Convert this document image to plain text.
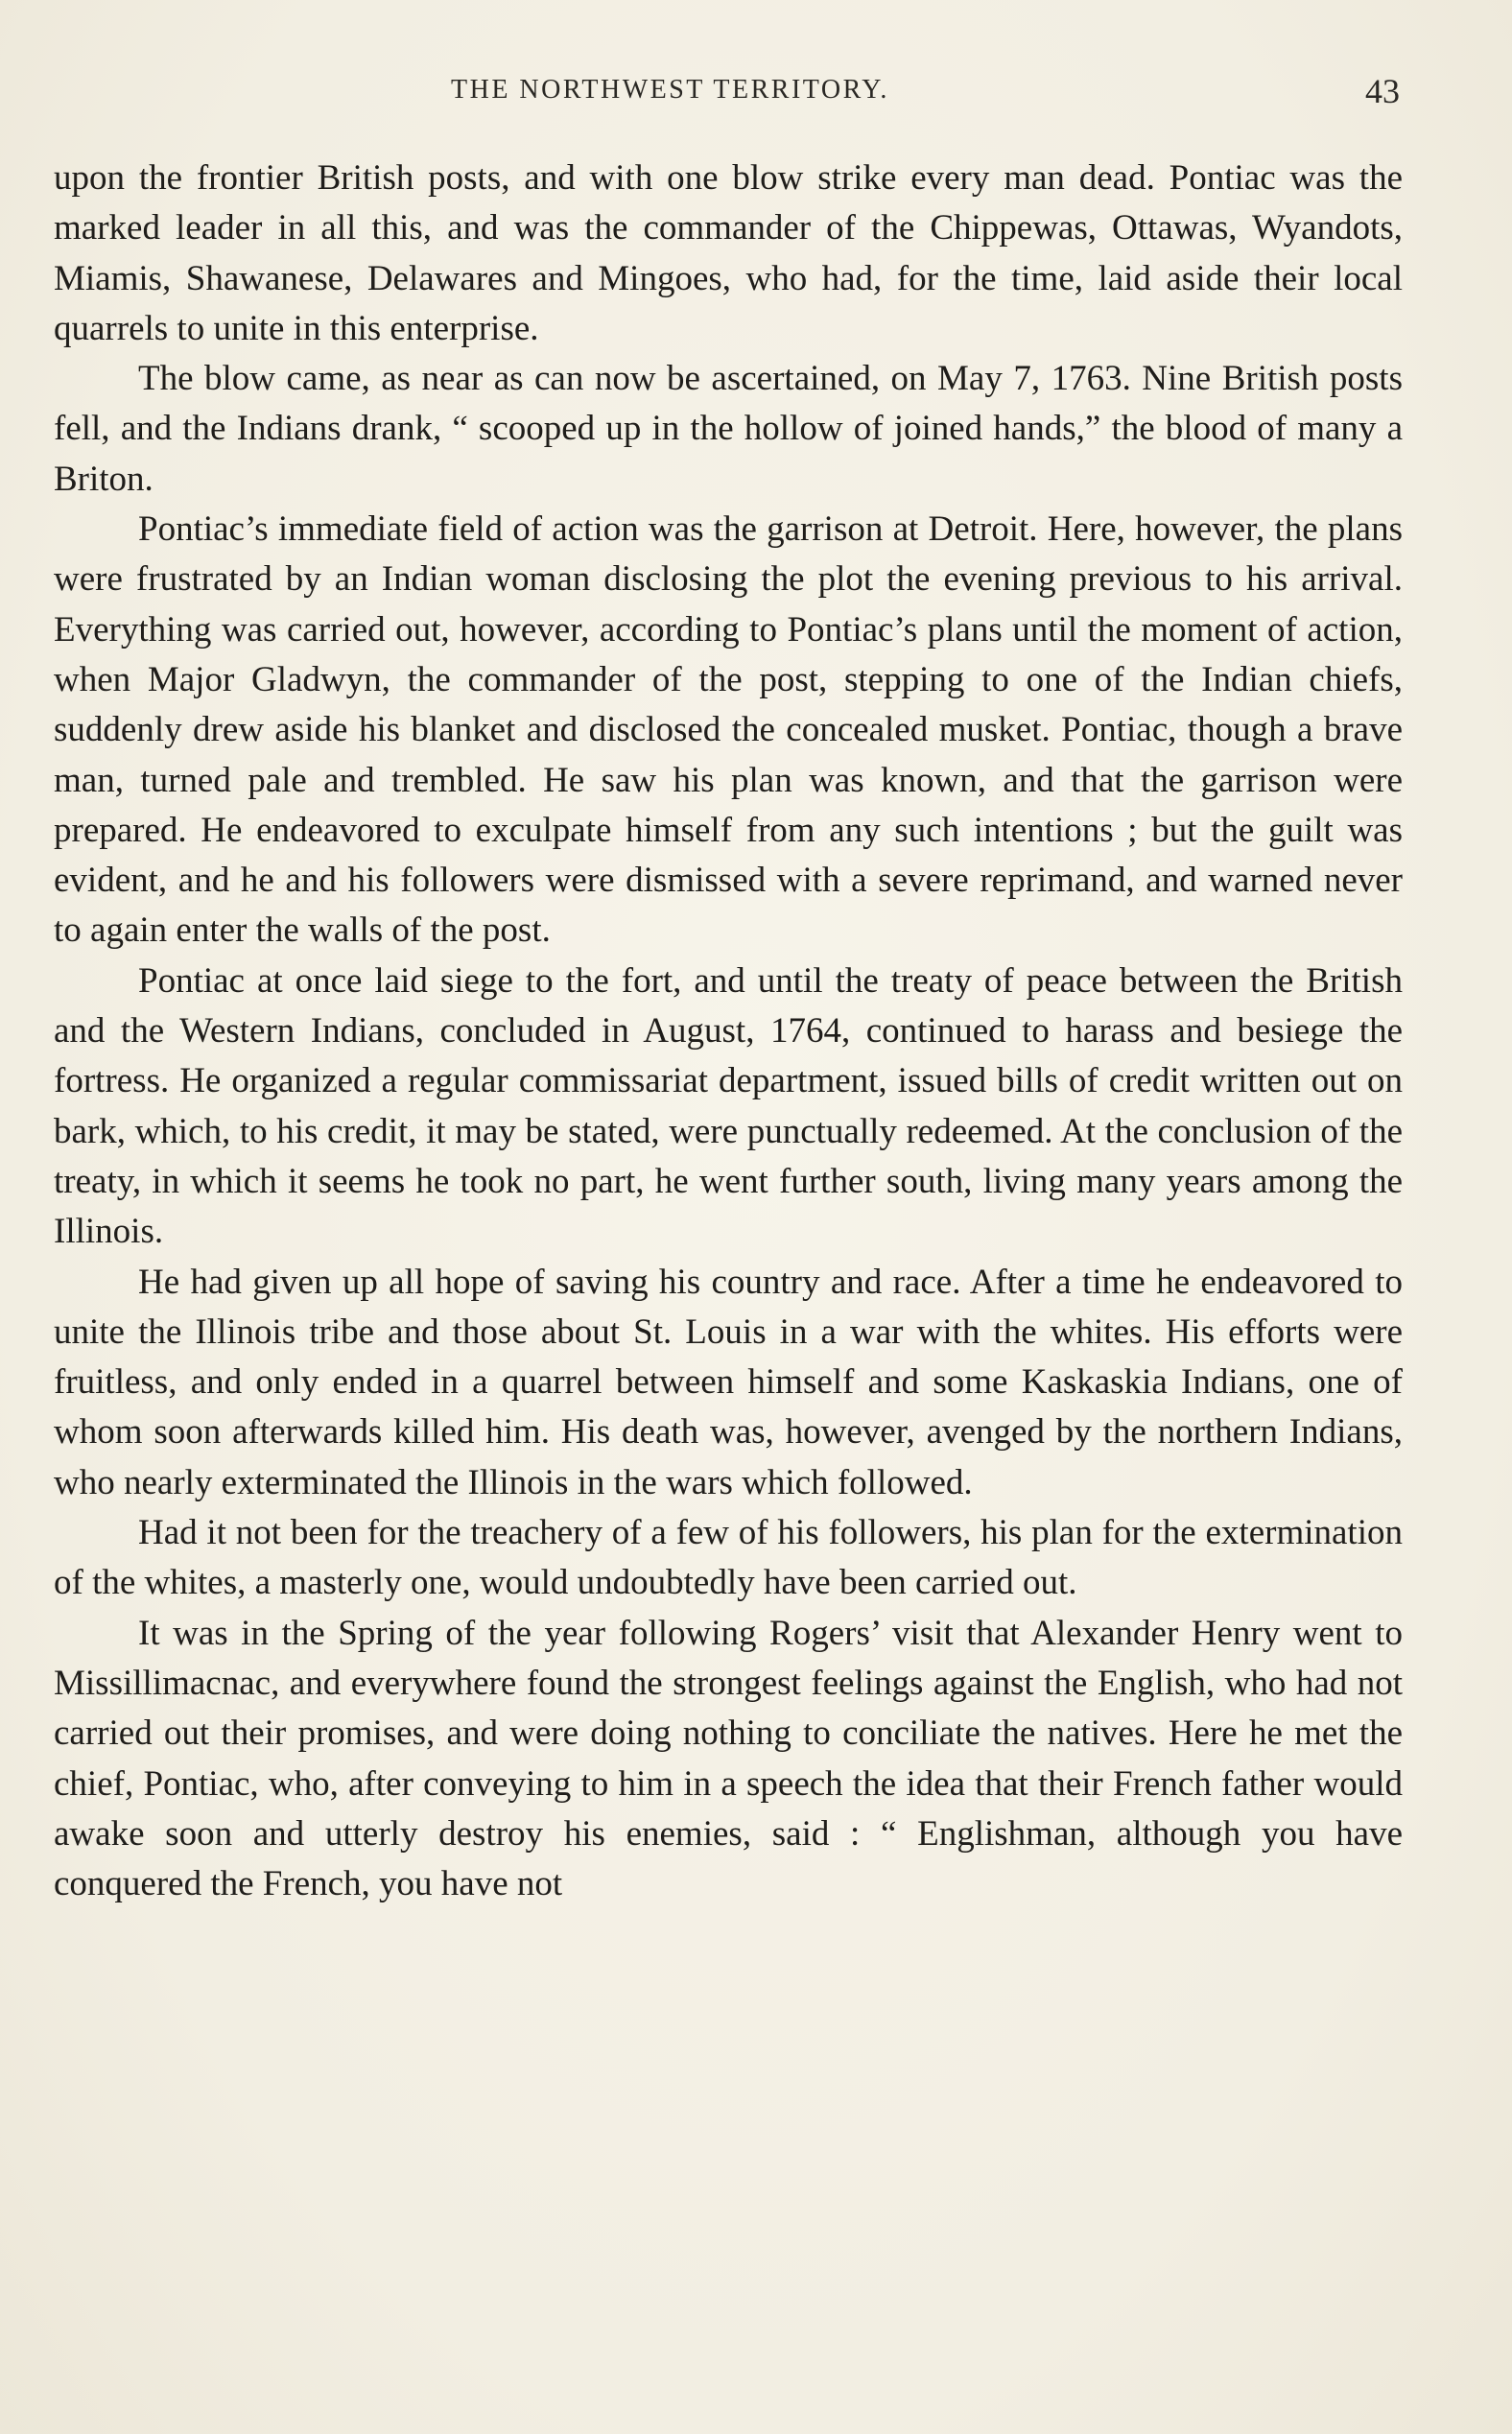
THE NORTHWEST TERRITORY.	43

upon the frontier British posts, and with one blow strike every man dead. Pontiac was the marked leader in all this, and was the commander of the Chippewas, Ottawas, Wyandots, Miamis, Shawanese, Delawares and Mingoes, who had, for the time, laid aside their local quarrels to unite in this enterprise.

The blow came, as near as can now be ascertained, on May 7, 1763. Nine British posts fell, and the Indians drank, “ scooped up in the hollow of joined hands,” the blood of many a Briton.

Pontiac’s immediate field of action was the garrison at Detroit. Here, however, the plans were frustrated by an Indian woman disclosing the plot the evening previous to his arrival. Everything was carried out, however, according to Pontiac’s plans until the moment of action, when Major Gladwyn, the commander of the post, stepping to one of the Indian chiefs, suddenly drew aside his blanket and disclosed the concealed musket. Pontiac, though a brave man, turned pale and trembled. He saw his plan was known, and that the garrison were prepared. He endeavored to exculpate himself from any such intentions ; but the guilt was evident, and he and his followers were dismissed with a severe reprimand, and warned never to again enter the walls of the post.

Pontiac at once laid siege to the fort, and until the treaty of peace between the British and the Western Indians, concluded in August, 1764, continued to harass and besiege the fortress. He organized a regular commissariat department, issued bills of credit written out on bark, which, to his credit, it may be stated, were punctually redeemed. At the conclusion of the treaty, in which it seems he took no part, he went further south, living many years among the Illinois.

He had given up all hope of saving his country and race. After a time he endeavored to unite the Illinois tribe and those about St. Louis in a war with the whites. His efforts were fruitless, and only ended in a quarrel between himself and some Kaskaskia Indians, one of whom soon afterwards killed him. His death was, however, avenged by the northern Indians, who nearly exterminated the Illinois in the wars which followed.

Had it not been for the treachery of a few of his followers, his plan for the extermination of the whites, a masterly one, would undoubtedly have been carried out.

It was in the Spring of the year following Rogers’ visit that Alexander Henry went to Missillimacnac, and everywhere found the strongest feelings against the English, who had not carried out their promises, and were doing nothing to conciliate the natives. Here he met the chief, Pontiac, who, after conveying to him in a speech the idea that their French father would awake soon and utterly destroy his enemies, said : “ Englishman, although you have conquered the French, you have not
